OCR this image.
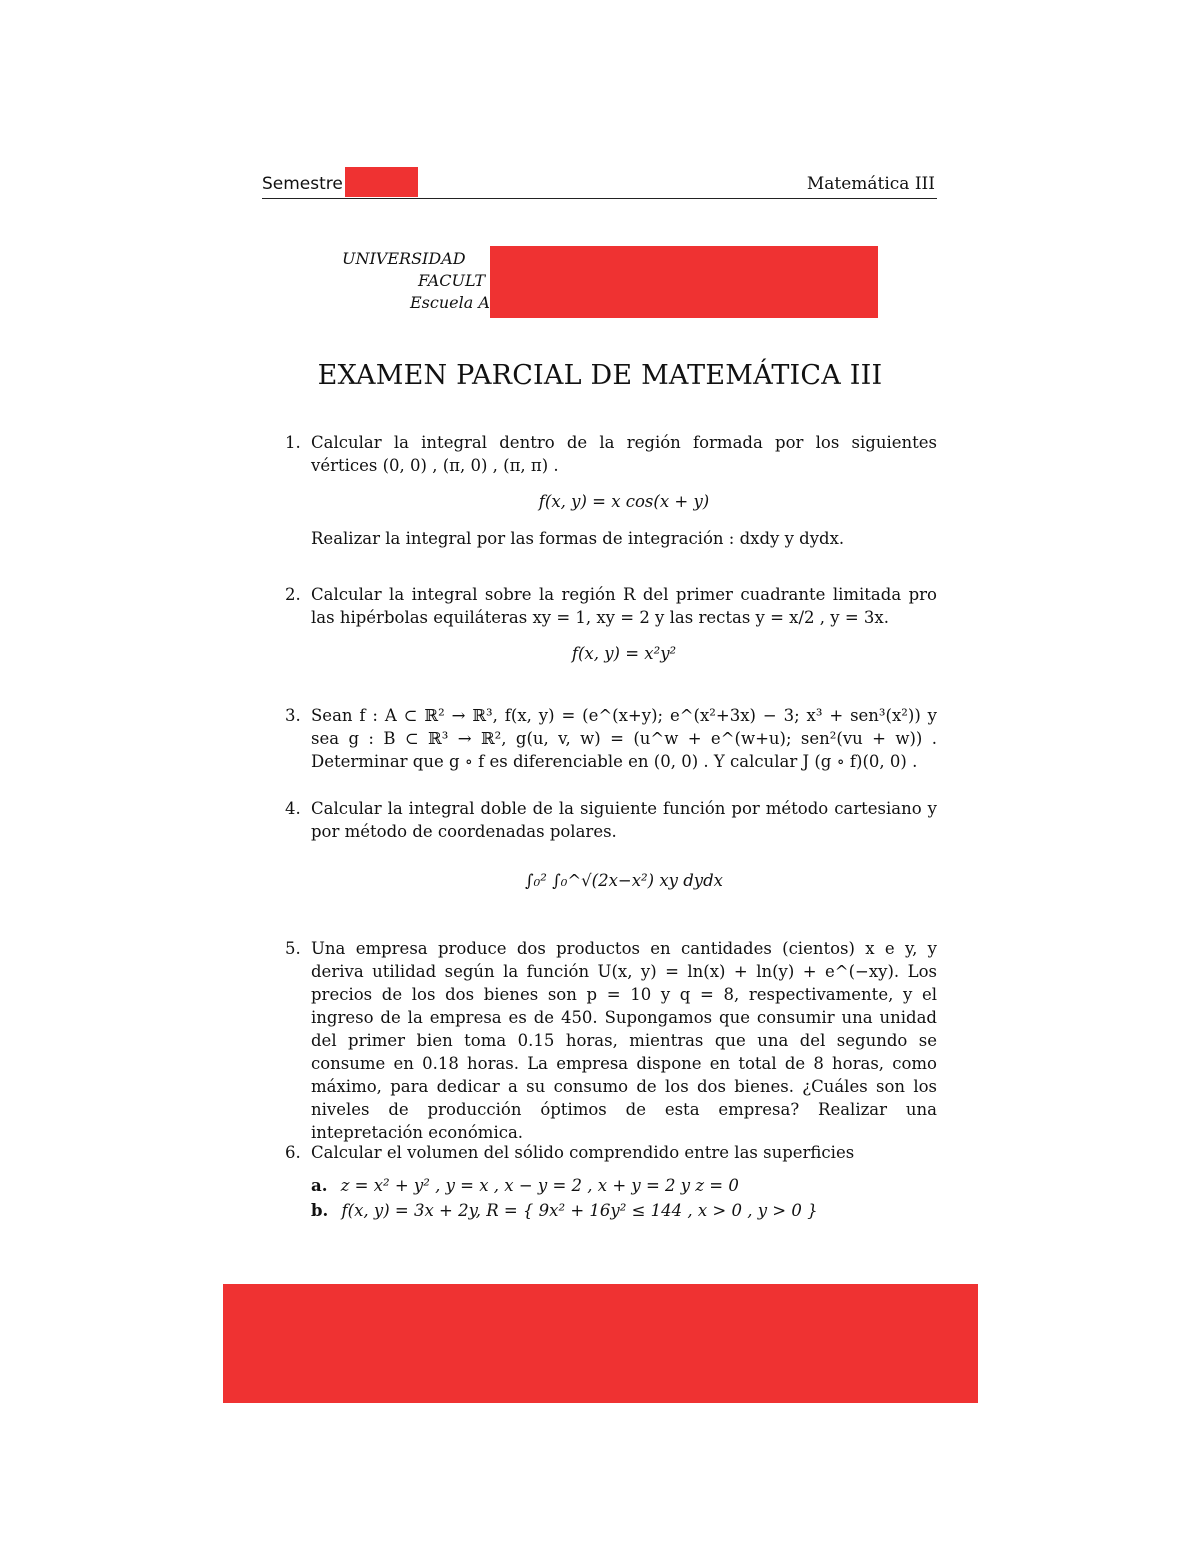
Semestre	Matemática III
UNIVERSIDAD
FACULT
Escuela A
EXAMEN PARCIAL DE MATEMÁTICA III
1. Calcular la integral dentro de la región formada por los siguientes vértices (0, 0) , (π, 0) , (π, π) .
f(x, y) = x cos(x + y)
Realizar la integral por las formas de integración : dxdy y dydx.
2. Calcular la integral sobre la región R del primer cuadrante limitada pro las hipérbolas equiláteras xy = 1, xy = 2 y las rectas y = x/2 , y = 3x.
f(x, y) = x²y²
3. Sean f : A ⊂ ℝ² → ℝ³, f(x, y) = (e^(x+y); e^(x²+3x) − 3; x³ + sen³(x²)) y sea g : B ⊂ ℝ³ → ℝ², g(u, v, w) = (u^w + e^(w+u); sen²(vu + w)) . Determinar que g ∘ f es diferenciable en (0, 0) . Y calcular J (g ∘ f)(0, 0) .
4. Calcular la integral doble de la siguiente función por método cartesiano y por método de coordenadas polares.
∫₀² ∫₀^√(2x−x²) xy dydx
5. Una empresa produce dos productos en cantidades (cientos) x e y, y deriva utilidad según la función U(x, y) = ln(x) + ln(y) + e^(−xy). Los precios de los dos bienes son p = 10 y q = 8, respectivamente, y el ingreso de la empresa es de 450. Supongamos que consumir una unidad del primer bien toma 0.15 horas, mientras que una del segundo se consume en 0.18 horas. La empresa dispone en total de 8 horas, como máximo, para dedicar a su consumo de los dos bienes. ¿Cuáles son los niveles de producción óptimos de esta empresa? Realizar una intepretación económica.
6. Calcular el volumen del sólido comprendido entre las superficies
a. z = x² + y² , y = x , x − y = 2 , x + y = 2 y z = 0
b. f(x, y) = 3x + 2y, R = { 9x² + 16y² ≤ 144 , x > 0 , y > 0 }
